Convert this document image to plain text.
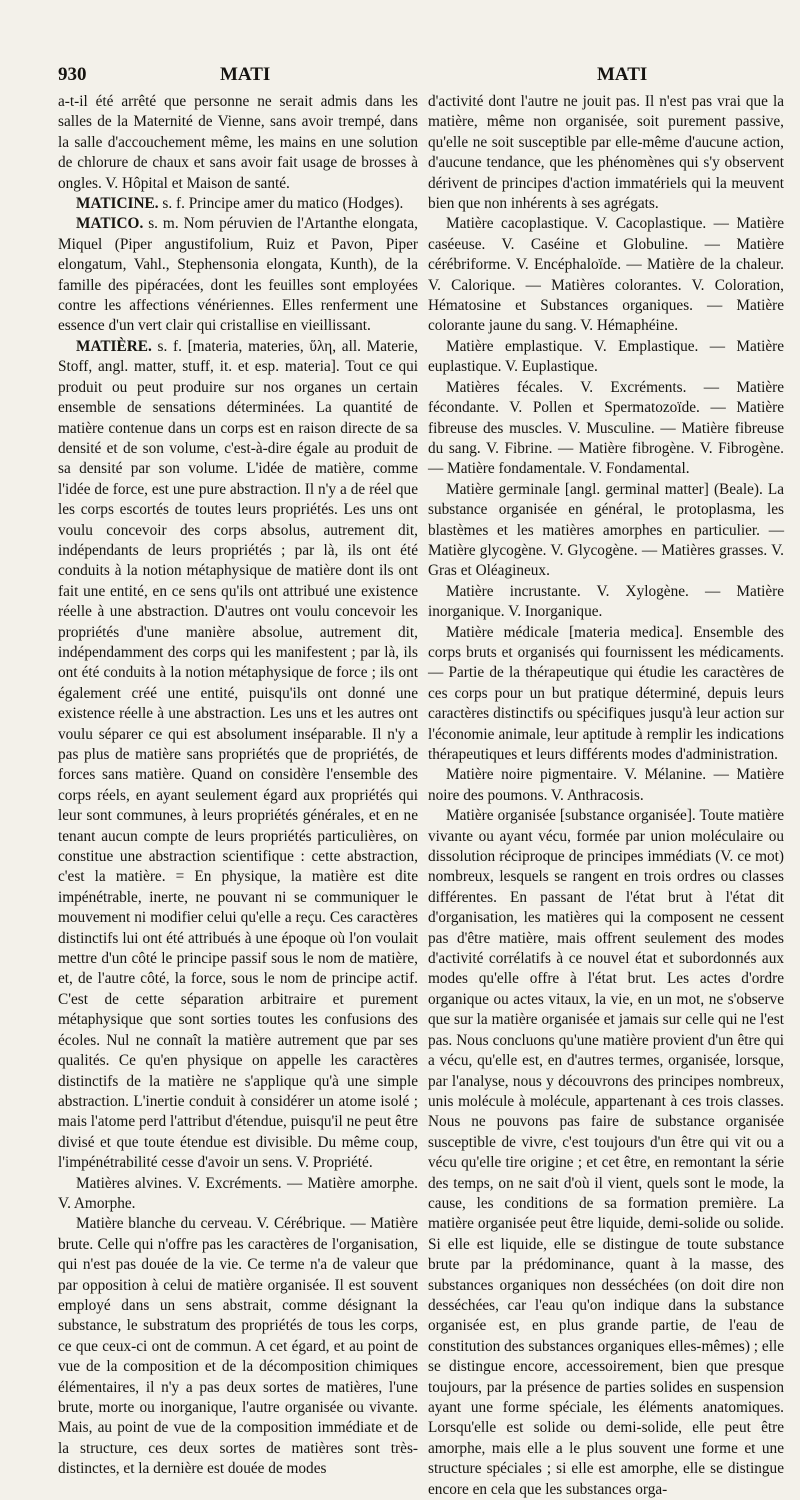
930	MATI	MATI

a-t-il été arrêté que personne ne serait admis dans les salles de la Maternité de Vienne, sans avoir trempé, dans la salle d'accouchement même, les mains en une solution de chlorure de chaux et sans avoir fait usage de brosses à ongles. V. Hôpital et Maison de santé.

MATICINE. s. f. Principe amer du matico (Hodges).

MATICO. s. m. Nom péruvien de l'Artanthe elongata, Miquel (Piper angustifolium, Ruiz et Pavon, Piper elongatum, Vahl., Stephensonia elongata, Kunth), de la famille des pipéracées, dont les feuilles sont employées contre les affections vénériennes. Elles renferment une essence d'un vert clair qui cristallise en vieillissant.

MATIÈRE. s. f. [materia, materies, ὕλη, all. Materie, Stoff, angl. matter, stuff, it. et esp. materia]. Tout ce qui produit ou peut produire sur nos organes un certain ensemble de sensations déterminées. La quantité de matière contenue dans un corps est en raison directe de sa densité et de son volume, c'est-à-dire égale au produit de sa densité par son volume. L'idée de matière, comme l'idée de force, est une pure abstraction. Il n'y a de réel que les corps escortés de toutes leurs propriétés. Les uns ont voulu concevoir des corps absolus, autrement dit, indépendants de leurs propriétés ; par là, ils ont été conduits à la notion métaphysique de matière dont ils ont fait une entité, en ce sens qu'ils ont attribué une existence réelle à une abstraction. D'autres ont voulu concevoir les propriétés d'une manière absolue, autrement dit, indépendamment des corps qui les manifestent ; par là, ils ont été conduits à la notion métaphysique de force ; ils ont également créé une entité, puisqu'ils ont donné une existence réelle à une abstraction. Les uns et les autres ont voulu séparer ce qui est absolument inséparable. Il n'y a pas plus de matière sans propriétés que de propriétés, de forces sans matière. Quand on considère l'ensemble des corps réels, en ayant seulement égard aux propriétés qui leur sont communes, à leurs propriétés générales, et en ne tenant aucun compte de leurs propriétés particulières, on constitue une abstraction scientifique : cette abstraction, c'est la matière. = En physique, la matière est dite impénétrable, inerte, ne pouvant ni se communiquer le mouvement ni modifier celui qu'elle a reçu. Ces caractères distinctifs lui ont été attribués à une époque où l'on voulait mettre d'un côté le principe passif sous le nom de matière, et, de l'autre côté, la force, sous le nom de principe actif. C'est de cette séparation arbitraire et purement métaphysique que sont sorties toutes les confusions des écoles. Nul ne connaît la matière autrement que par ses qualités. Ce qu'en physique on appelle les caractères distinctifs de la matière ne s'applique qu'à une simple abstraction. L'inertie conduit à considérer un atome isolé ; mais l'atome perd l'attribut d'étendue, puisqu'il ne peut être divisé et que toute étendue est divisible. Du même coup, l'impénétrabilité cesse d'avoir un sens. V. Propriété.

Matières alvines. V. Excréments. — Matière amorphe. V. Amorphe.

Matière blanche du cerveau. V. Cérébrique. — Matière brute. Celle qui n'offre pas les caractères de l'organisation, qui n'est pas douée de la vie. Ce terme n'a de valeur que par opposition à celui de matière organisée. Il est souvent employé dans un sens abstrait, comme désignant la substance, le substratum des propriétés de tous les corps, ce que ceux-ci ont de commun. A cet égard, et au point de vue de la composition et de la décomposition chimiques élémentaires, il n'y a pas deux sortes de matières, l'une brute, morte ou inorganique, l'autre organisée ou vivante. Mais, au point de vue de la composition immédiate et de la structure, ces deux sortes de matières sont très-distinctes, et la dernière est douée de modes

d'activité dont l'autre ne jouit pas. Il n'est pas vrai que la matière, même non organisée, soit purement passive, qu'elle ne soit susceptible par elle-même d'aucune action, d'aucune tendance, que les phénomènes qui s'y observent dérivent de principes d'action immatériels qui la meuvent bien que non inhérents à ses agrégats.

Matière cacoplastique. V. Cacoplastique. — Matière caséeuse. V. Caséine et Globuline. — Matière cérébriforme. V. Encéphaloïde. — Matière de la chaleur. V. Calorique. — Matières colorantes. V. Coloration, Hématosine et Substances organiques. — Matière colorante jaune du sang. V. Hémaphéine.

Matière emplastique. V. Emplastique. — Matière euplastique. V. Euplastique.

Matières fécales. V. Excréments. — Matière fécondante. V. Pollen et Spermatozoïde. — Matière fibreuse des muscles. V. Musculine. — Matière fibreuse du sang. V. Fibrine. — Matière fibrogène. V. Fibrogène. — Matière fondamentale. V. Fondamental.

Matière germinale [angl. germinal matter] (Beale). La substance organisée en général, le protoplasma, les blastèmes et les matières amorphes en particulier. — Matière glycogène. V. Glycogène. — Matières grasses. V. Gras et Oléagineux.

Matière incrustante. V. Xylogène. — Matière inorganique. V. Inorganique.

Matière médicale [materia medica]. Ensemble des corps bruts et organisés qui fournissent les médicaments. — Partie de la thérapeutique qui étudie les caractères de ces corps pour un but pratique déterminé, depuis leurs caractères distinctifs ou spécifiques jusqu'à leur action sur l'économie animale, leur aptitude à remplir les indications thérapeutiques et leurs différents modes d'administration.

Matière noire pigmentaire. V. Mélanine. — Matière noire des poumons. V. Anthracosis.

Matière organisée [substance organisée]. Toute matière vivante ou ayant vécu, formée par union moléculaire ou dissolution réciproque de principes immédiats (V. ce mot) nombreux, lesquels se rangent en trois ordres ou classes différentes. En passant de l'état brut à l'état dit d'organisation, les matières qui la composent ne cessent pas d'être matière, mais offrent seulement des modes d'activité corrélatifs à ce nouvel état et subordonnés aux modes qu'elle offre à l'état brut. Les actes d'ordre organique ou actes vitaux, la vie, en un mot, ne s'observe que sur la matière organisée et jamais sur celle qui ne l'est pas. Nous concluons qu'une matière provient d'un être qui a vécu, qu'elle est, en d'autres termes, organisée, lorsque, par l'analyse, nous y découvrons des principes nombreux, unis molécule à molécule, appartenant à ces trois classes. Nous ne pouvons pas faire de substance organisée susceptible de vivre, c'est toujours d'un être qui vit ou a vécu qu'elle tire origine ; et cet être, en remontant la série des temps, on ne sait d'où il vient, quels sont le mode, la cause, les conditions de sa formation première. La matière organisée peut être liquide, demi-solide ou solide. Si elle est liquide, elle se distingue de toute substance brute par la prédominance, quant à la masse, des substances organiques non desséchées (on doit dire non desséchées, car l'eau qu'on indique dans la substance organisée est, en plus grande partie, de l'eau de constitution des substances organiques elles-mêmes) ; elle se distingue encore, accessoirement, bien que presque toujours, par la présence de parties solides en suspension ayant une forme spéciale, les éléments anatomiques. Lorsqu'elle est solide ou demi-solide, elle peut être amorphe, mais elle a le plus souvent une forme et une structure spéciales ; si elle est amorphe, elle se distingue encore en cela que les substances orga-
